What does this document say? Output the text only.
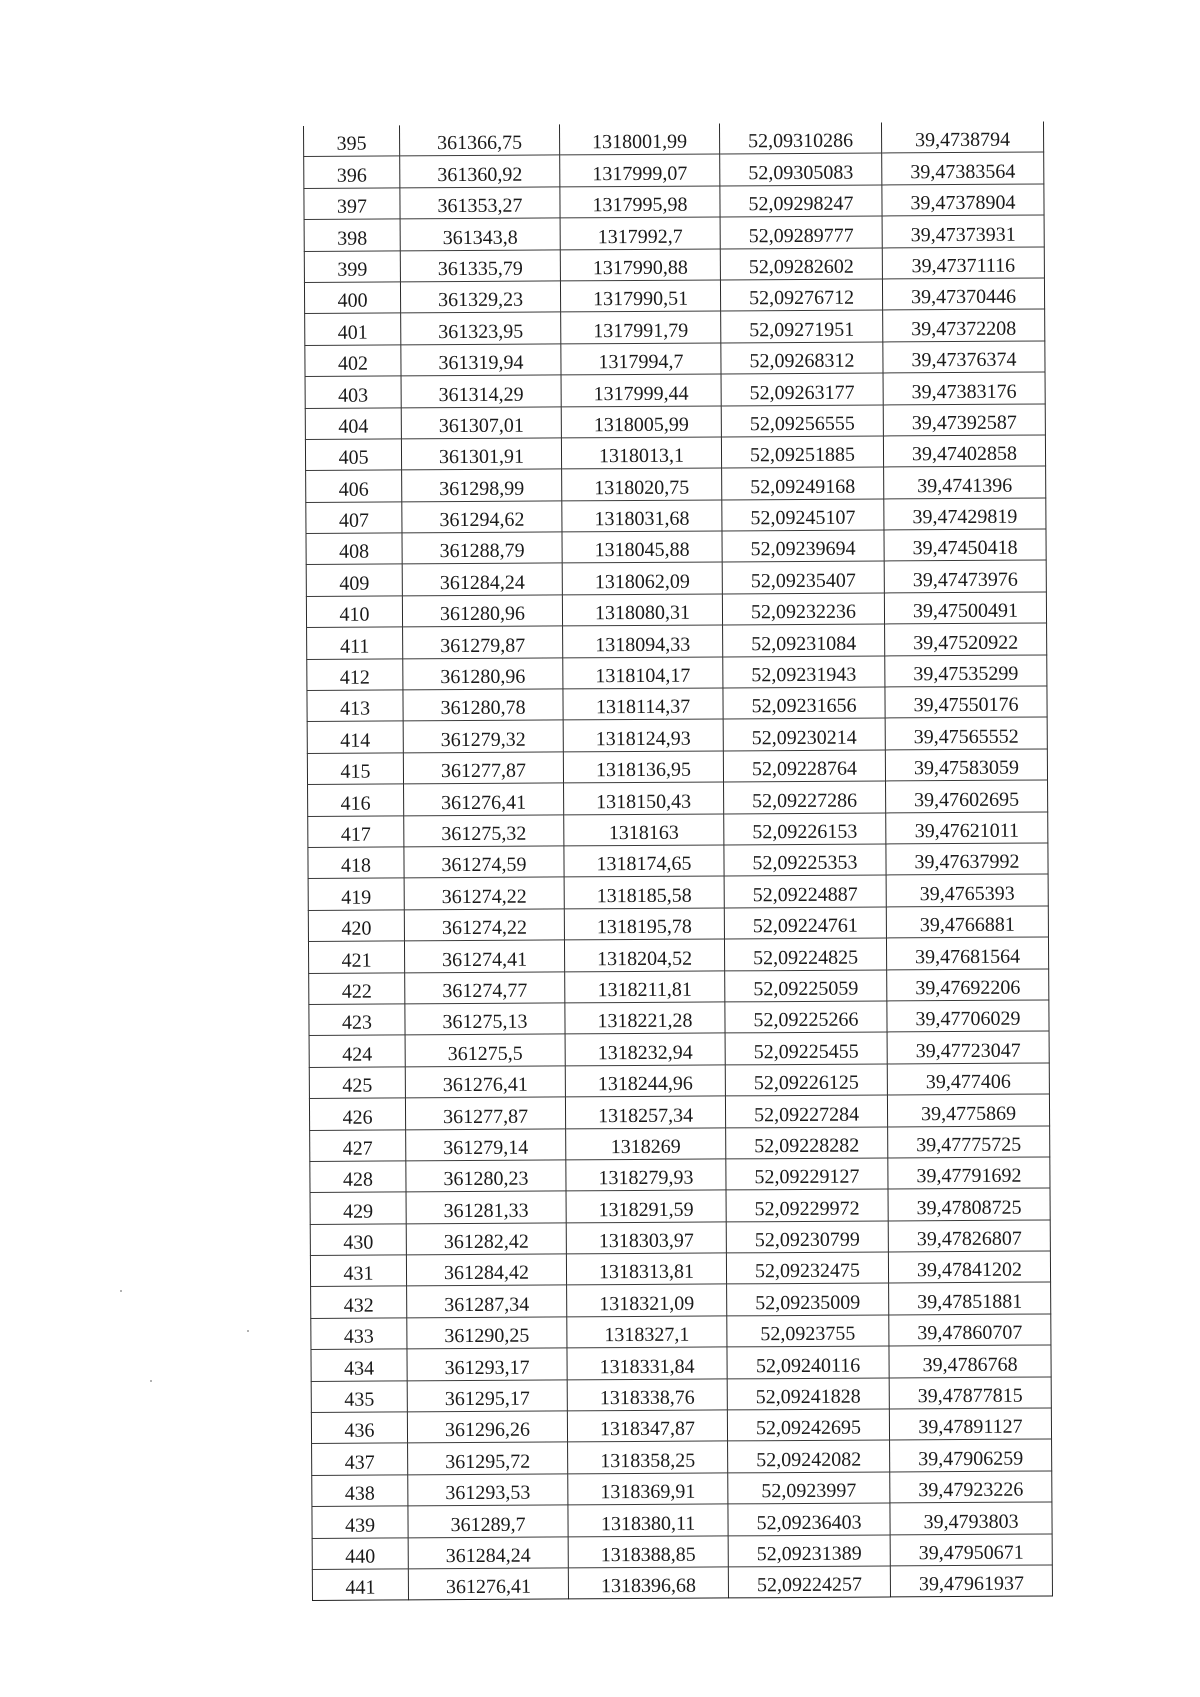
395	361366,75	1318001,99	52,09310286	39,4738794
396	361360,92	1317999,07	52,09305083	39,47383564
397	361353,27	1317995,98	52,09298247	39,47378904
398	361343,8	1317992,7	52,09289777	39,47373931
399	361335,79	1317990,88	52,09282602	39,47371116
400	361329,23	1317990,51	52,09276712	39,47370446
401	361323,95	1317991,79	52,09271951	39,47372208
402	361319,94	1317994,7	52,09268312	39,47376374
403	361314,29	1317999,44	52,09263177	39,47383176
404	361307,01	1318005,99	52,09256555	39,47392587
405	361301,91	1318013,1	52,09251885	39,47402858
406	361298,99	1318020,75	52,09249168	39,4741396
407	361294,62	1318031,68	52,09245107	39,47429819
408	361288,79	1318045,88	52,09239694	39,47450418
409	361284,24	1318062,09	52,09235407	39,47473976
410	361280,96	1318080,31	52,09232236	39,47500491
411	361279,87	1318094,33	52,09231084	39,47520922
412	361280,96	1318104,17	52,09231943	39,47535299
413	361280,78	1318114,37	52,09231656	39,47550176
414	361279,32	1318124,93	52,09230214	39,47565552
415	361277,87	1318136,95	52,09228764	39,47583059
416	361276,41	1318150,43	52,09227286	39,47602695
417	361275,32	1318163	52,09226153	39,47621011
418	361274,59	1318174,65	52,09225353	39,47637992
419	361274,22	1318185,58	52,09224887	39,4765393
420	361274,22	1318195,78	52,09224761	39,4766881
421	361274,41	1318204,52	52,09224825	39,47681564
422	361274,77	1318211,81	52,09225059	39,47692206
423	361275,13	1318221,28	52,09225266	39,47706029
424	361275,5	1318232,94	52,09225455	39,47723047
425	361276,41	1318244,96	52,09226125	39,477406
426	361277,87	1318257,34	52,09227284	39,4775869
427	361279,14	1318269	52,09228282	39,47775725
428	361280,23	1318279,93	52,09229127	39,47791692
429	361281,33	1318291,59	52,09229972	39,47808725
430	361282,42	1318303,97	52,09230799	39,47826807
431	361284,42	1318313,81	52,09232475	39,47841202
432	361287,34	1318321,09	52,09235009	39,47851881
433	361290,25	1318327,1	52,0923755	39,47860707
434	361293,17	1318331,84	52,09240116	39,4786768
435	361295,17	1318338,76	52,09241828	39,47877815
436	361296,26	1318347,87	52,09242695	39,47891127
437	361295,72	1318358,25	52,09242082	39,47906259
438	361293,53	1318369,91	52,0923997	39,47923226
439	361289,7	1318380,11	52,09236403	39,4793803
440	361284,24	1318388,85	52,09231389	39,47950671
441	361276,41	1318396,68	52,09224257	39,47961937
